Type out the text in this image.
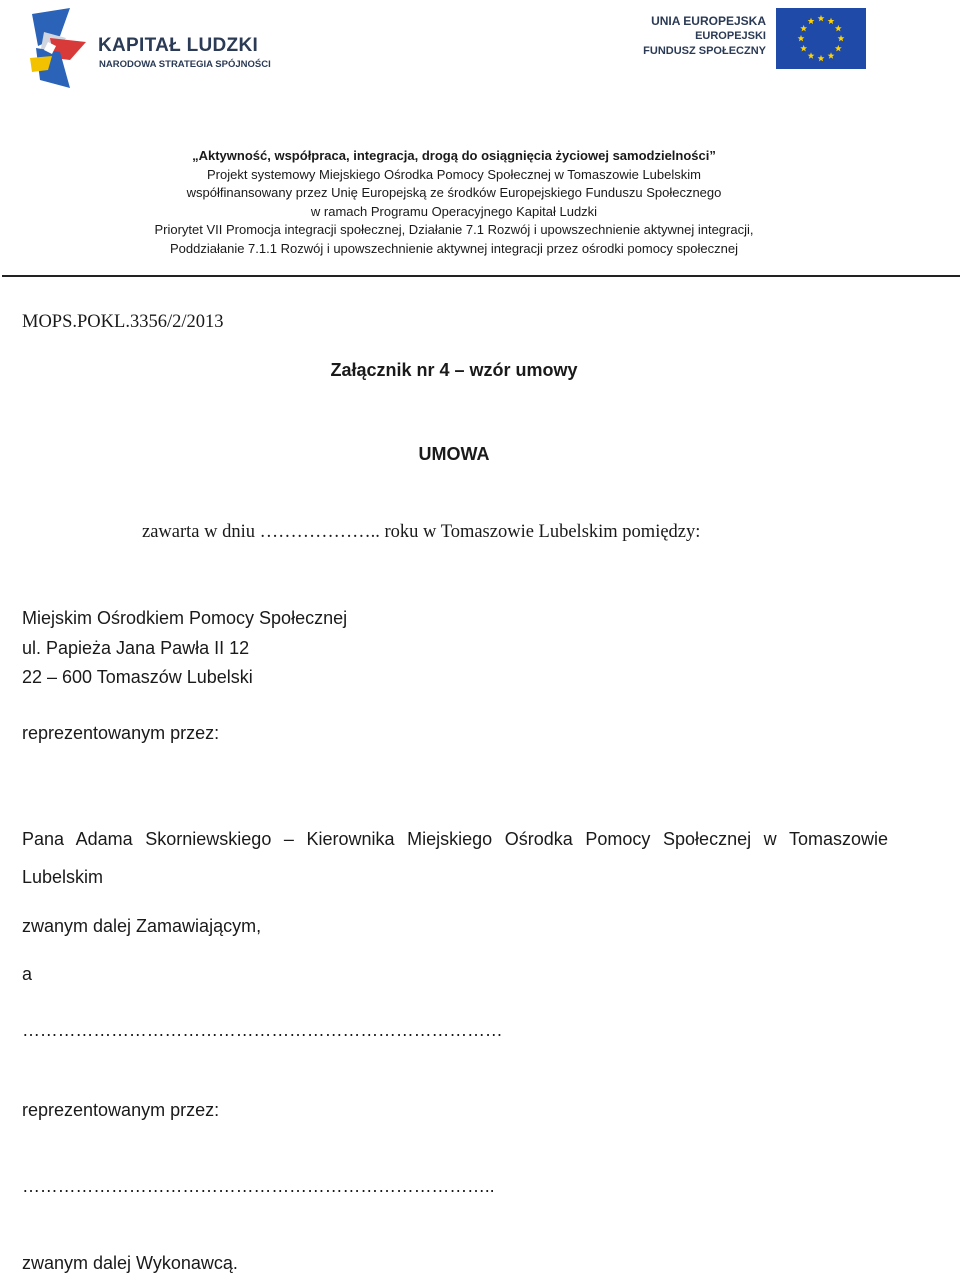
KAPITAŁ LUDZKI
NARODOWA STRATEGIA SPÓJNOŚCI
UNIA EUROPEJSKA
EUROPEJSKI
FUNDUSZ SPOŁECZNY
„Aktywność, współpraca, integracja, drogą do osiągnięcia życiowej samodzielności”
Projekt systemowy Miejskiego Ośrodka Pomocy Społecznej w Tomaszowie Lubelskim
współfinansowany przez Unię Europejską ze środków Europejskiego Funduszu Społecznego
w ramach Programu Operacyjnego Kapitał Ludzki
Priorytet VII Promocja integracji społecznej, Działanie 7.1 Rozwój i upowszechnienie aktywnej integracji,
Poddziałanie 7.1.1 Rozwój i upowszechnienie aktywnej integracji przez ośrodki pomocy społecznej
MOPS.POKL.3356/2/2013
Załącznik nr 4 – wzór umowy
UMOWA
zawarta w dniu ……………….. roku w Tomaszowie Lubelskim pomiędzy:
Miejskim Ośrodkiem Pomocy Społecznej
ul. Papieża Jana Pawła II 12
22 – 600 Tomaszów Lubelski
reprezentowanym przez:
Pana Adama Skorniewskiego – Kierownika Miejskiego Ośrodka Pomocy Społecznej w Tomaszowie Lubelskim
zwanym dalej Zamawiającym,
a
………………………………………………………………………
reprezentowanym przez:
……………………………………………………………………..
zwanym dalej Wykonawcą.
